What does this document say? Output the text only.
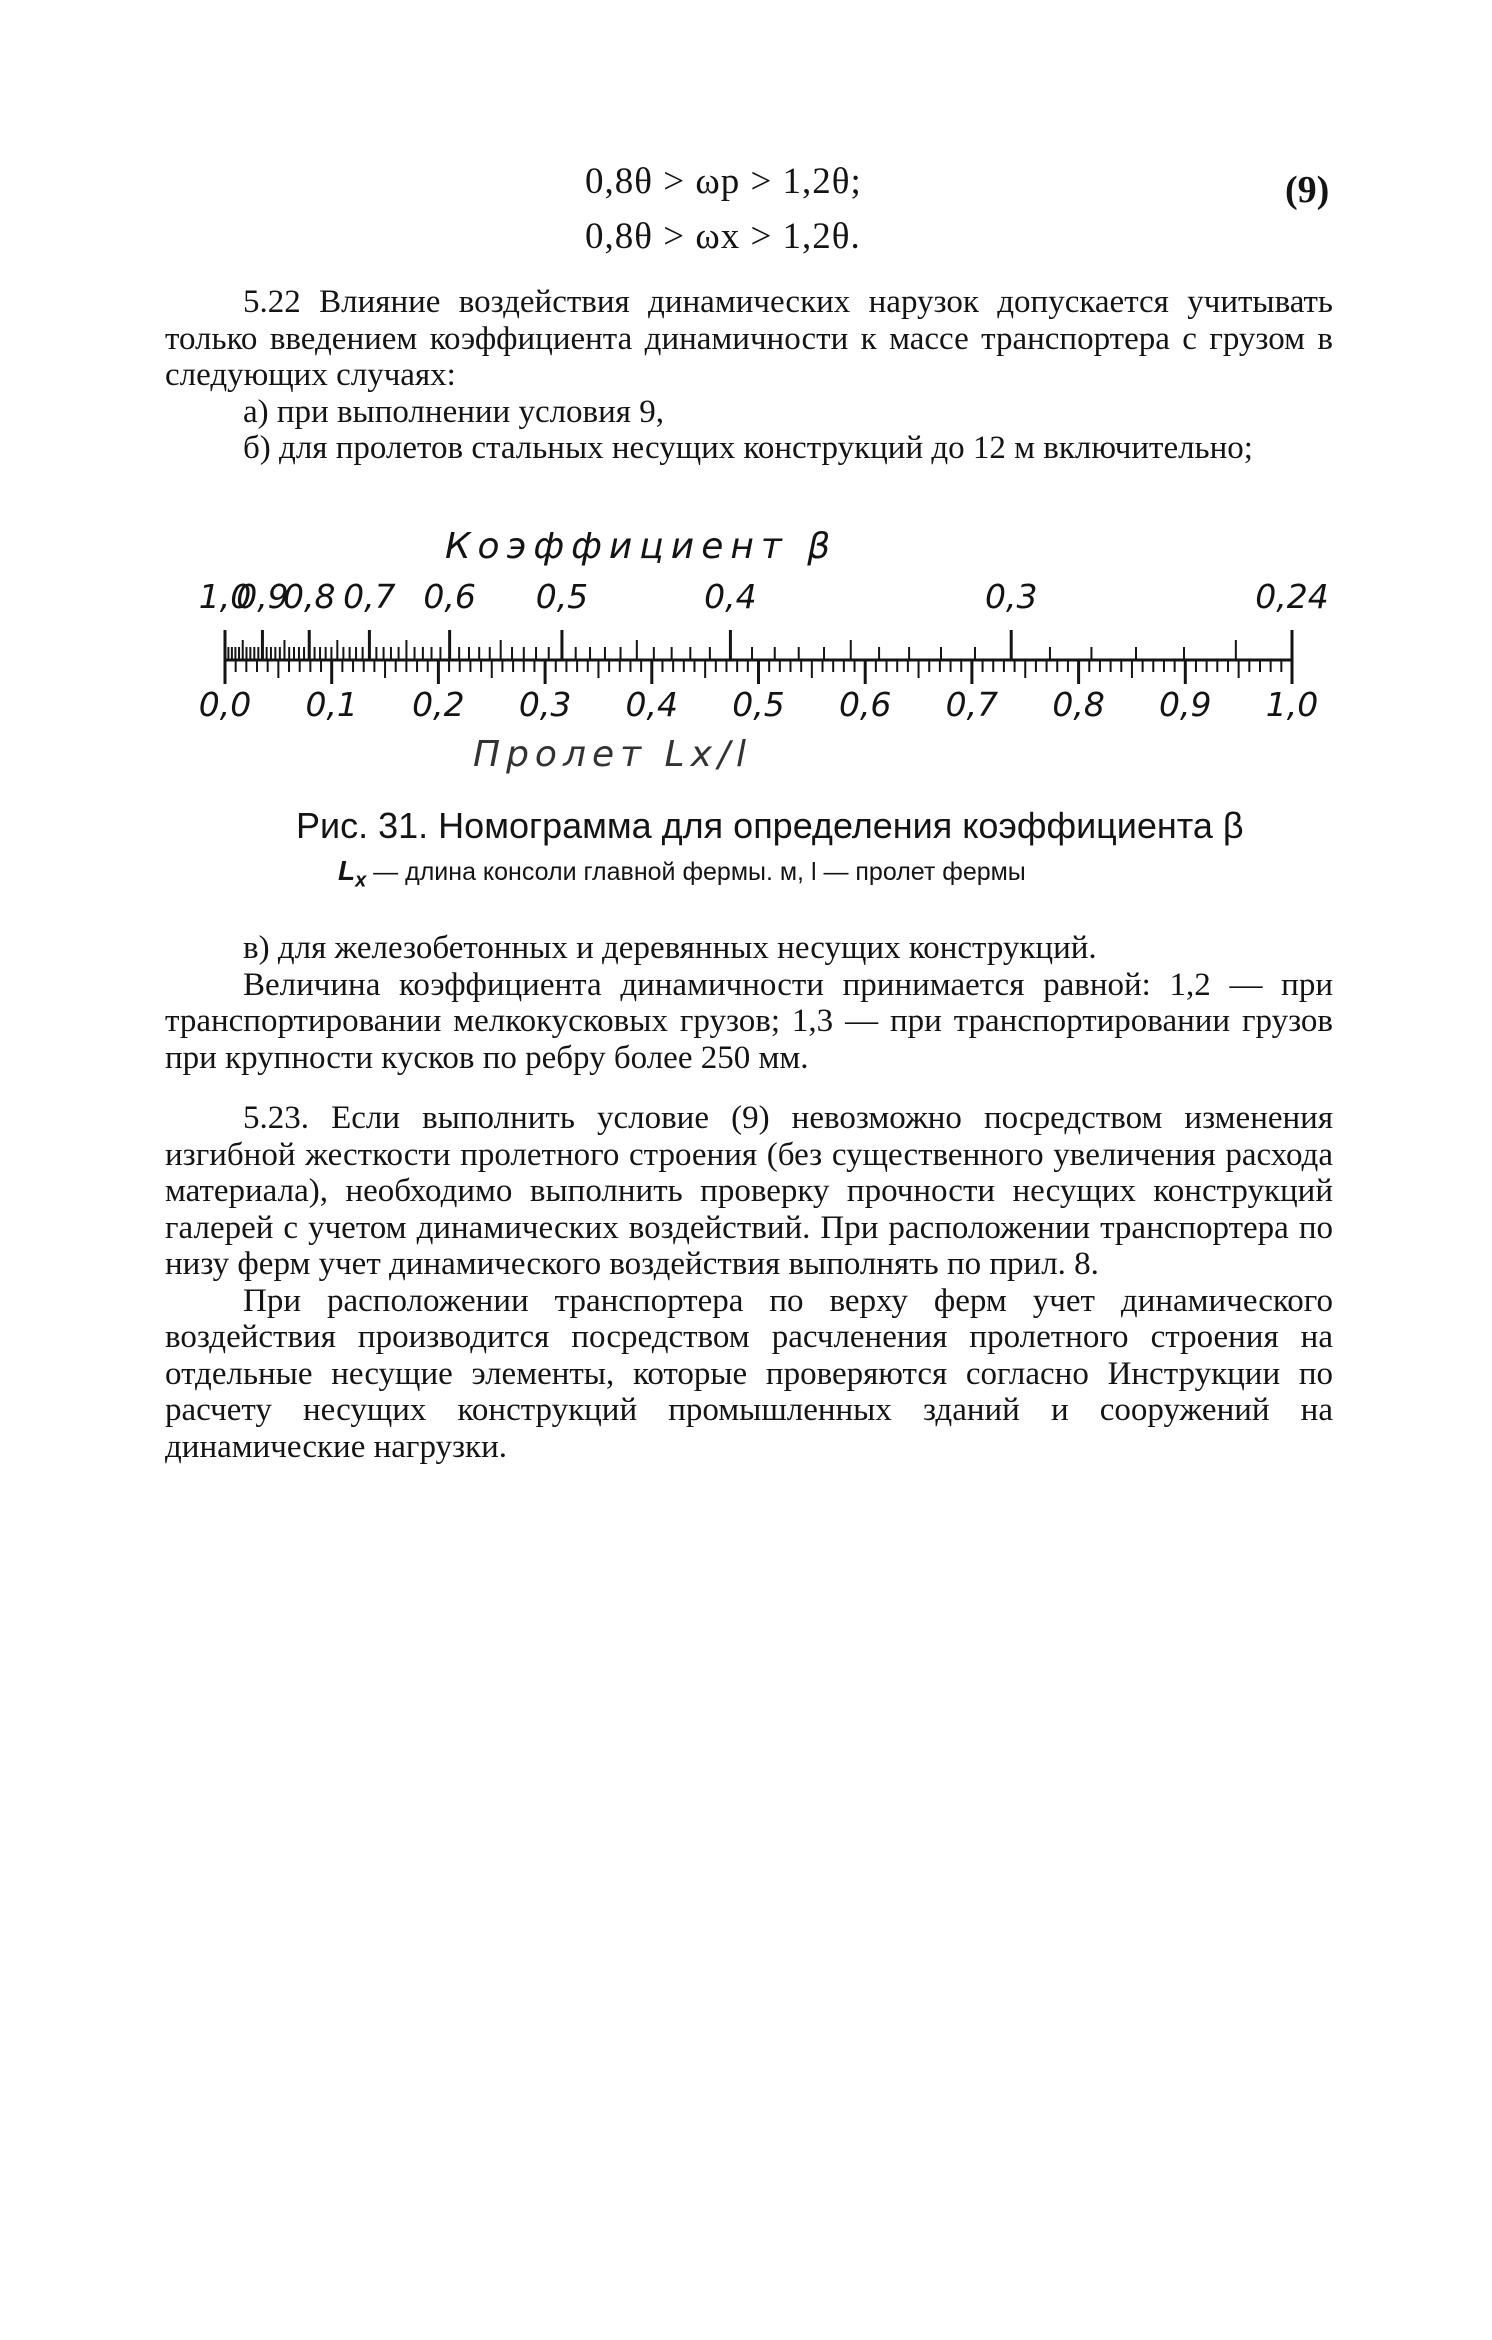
0,8θ > ωр > 1,2θ;
0,8θ > ωх > 1,2θ.
(9)

5.22 Влияние воздействия динамических нарузок допускается учитывать только введением коэффициента динамичности к массе транспортера с грузом в следующих случаях:

а) при выполнении условия 9,

б) для пролетов стальных несущих конструкций до 12 м включительно;

Коэффициент β
1,0
0,9
0,8 0,7 0,6 0,5	0,4	0,3	0,24
0,0 0,1 0,2 0,3 0,4 0,5 0,6 0,7 0,8 0,9 1,0
Пролет Lх/l
Рис. 31. Номограмма для определения коэффициента β
$L_x$ — длина консоли главной фермы. м, l — пролет фермы

в) для железобетонных и деревянных несущих конструкций.

Величина коэффициента динамичности принимается равной: 1,2 — при транспортировании мелкокусковых грузов; 1,3 — при транспортировании грузов при крупности кусков по ребру более 250 мм.

5.23. Если выполнить условие (9) невозможно посредством изменения изгибной жесткости пролетного строения (без существенного увеличения расхода материала), необходимо выполнить проверку прочности несущих конструкций галерей с учетом динамических воздействий. При расположении транспортера по низу ферм учет динамического воздействия выполнять по прил. 8.

При расположении транспортера по верху ферм учет динамического воздействия производится посредством расчленения пролетного строения на отдельные несущие элементы, которые проверяются согласно Инструкции по расчету несущих конструкций промышленных зданий и сооружений на динамические нагрузки.
